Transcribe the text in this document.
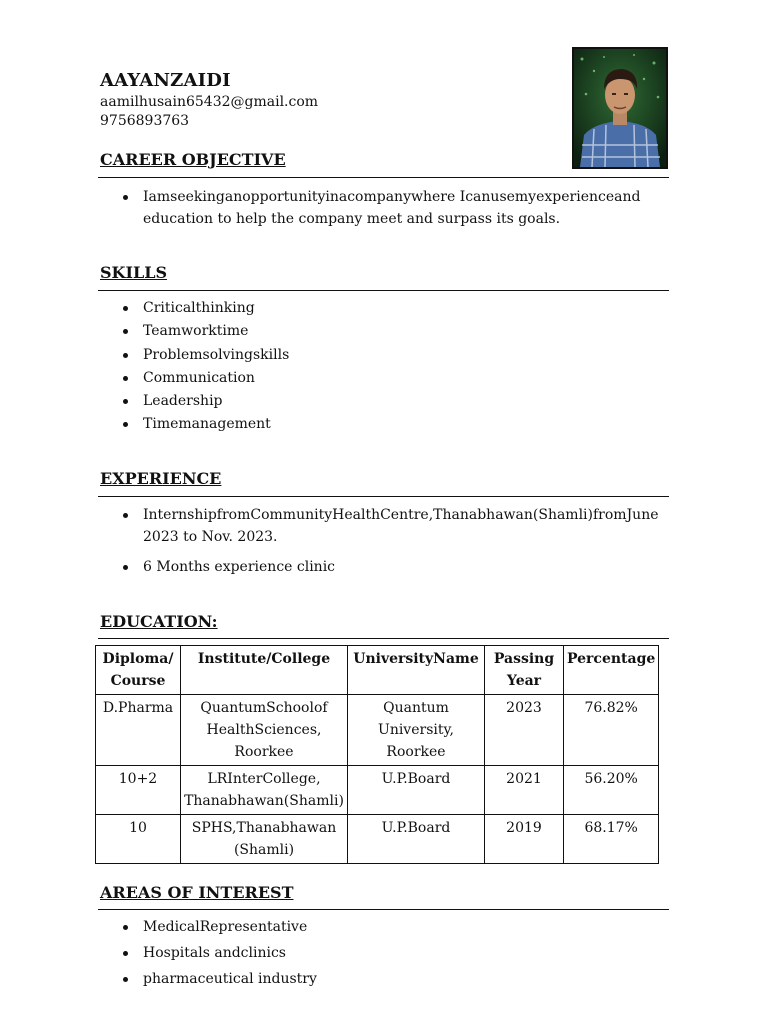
AAYANZAIDI
aamilhusain65432@gmail.com
9756893763
CAREER OBJECTIVE
Iamseekinganopportunityinacompanywhere Icanusemyexperienceand education to help the company meet and surpass its goals.
SKILLS
Criticalthinking
Teamworktime
Problemsolvingskills
Communication
Leadership
Timemanagement
EXPERIENCE
InternshipfromCommunityHealthCentre,Thanabhawan(Shamli)fromJune 2023 to Nov. 2023.
6 Months experience clinic
EDUCATION:
Diploma/ Course	Institute/College	UniversityName	Passing Year	Percentage
D.Pharma	QuantumSchoolof HealthSciences, Roorkee	Quantum University, Roorkee	2023	76.82%
10+2	LRInterCollege, Thanabhawan(Shamli)	U.P.Board	2021	56.20%
10	SPHS,Thanabhawan (Shamli)	U.P.Board	2019	68.17%
AREAS OF INTEREST
MedicalRepresentative
Hospitals andclinics
pharmaceutical industry
